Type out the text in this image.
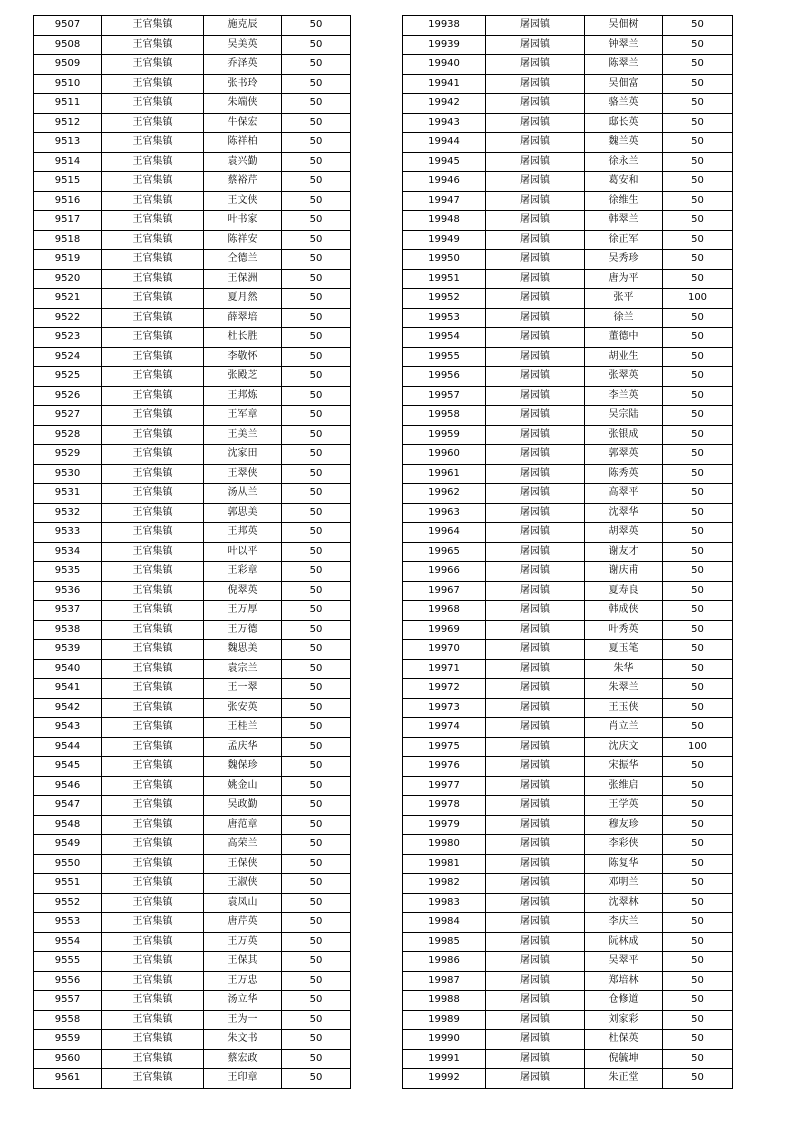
9507	王官集镇	施克辰	50
9508	王官集镇	吴美英	50
9509	王官集镇	乔泽英	50
9510	王官集镇	张书玲	50
9511	王官集镇	朱端侠	50
9512	王官集镇	牛保宏	50
9513	王官集镇	陈祥柏	50
9514	王官集镇	袁兴勤	50
9515	王官集镇	蔡裕芹	50
9516	王官集镇	王文侠	50
9517	王官集镇	叶书家	50
9518	王官集镇	陈祥安	50
9519	王官集镇	仝德兰	50
9520	王官集镇	王保洲	50
9521	王官集镇	夏月然	50
9522	王官集镇	薛翠培	50
9523	王官集镇	杜长胜	50
9524	王官集镇	李敬怀	50
9525	王官集镇	张殿芝	50
9526	王官集镇	王邦炼	50
9527	王官集镇	王军章	50
9528	王官集镇	王美兰	50
9529	王官集镇	沈家田	50
9530	王官集镇	王翠侠	50
9531	王官集镇	汤从兰	50
9532	王官集镇	郭思美	50
9533	王官集镇	王邦英	50
9534	王官集镇	叶以平	50
9535	王官集镇	王彩章	50
9536	王官集镇	倪翠英	50
9537	王官集镇	王万厚	50
9538	王官集镇	王万德	50
9539	王官集镇	魏思美	50
9540	王官集镇	袁宗兰	50
9541	王官集镇	王一翠	50
9542	王官集镇	张安英	50
9543	王官集镇	王桂兰	50
9544	王官集镇	孟庆华	50
9545	王官集镇	魏保珍	50
9546	王官集镇	姚金山	50
9547	王官集镇	吴政勤	50
9548	王官集镇	唐范章	50
9549	王官集镇	高荣兰	50
9550	王官集镇	王保侠	50
9551	王官集镇	王淑侠	50
9552	王官集镇	袁凤山	50
9553	王官集镇	唐芹英	50
9554	王官集镇	王万英	50
9555	王官集镇	王保其	50
9556	王官集镇	王万忠	50
9557	王官集镇	汤立华	50
9558	王官集镇	王为一	50
9559	王官集镇	朱文书	50
9560	王官集镇	蔡宏政	50
9561	王官集镇	王印章	50
19938	屠园镇	吴佃树	50
19939	屠园镇	钟翠兰	50
19940	屠园镇	陈翠兰	50
19941	屠园镇	吴佃富	50
19942	屠园镇	骆兰英	50
19943	屠园镇	邸长英	50
19944	屠园镇	魏兰英	50
19945	屠园镇	徐永兰	50
19946	屠园镇	葛安和	50
19947	屠园镇	徐维生	50
19948	屠园镇	韩翠兰	50
19949	屠园镇	徐正军	50
19950	屠园镇	吴秀珍	50
19951	屠园镇	唐为平	50
19952	屠园镇	张平	100
19953	屠园镇	徐兰	50
19954	屠园镇	董德中	50
19955	屠园镇	胡业生	50
19956	屠园镇	张翠英	50
19957	屠园镇	李兰英	50
19958	屠园镇	吴宗陆	50
19959	屠园镇	张银成	50
19960	屠园镇	郭翠英	50
19961	屠园镇	陈秀英	50
19962	屠园镇	高翠平	50
19963	屠园镇	沈翠华	50
19964	屠园镇	胡翠英	50
19965	屠园镇	谢友才	50
19966	屠园镇	谢庆甫	50
19967	屠园镇	夏寿良	50
19968	屠园镇	韩成侠	50
19969	屠园镇	叶秀英	50
19970	屠园镇	夏玉笔	50
19971	屠园镇	朱华	50
19972	屠园镇	朱翠兰	50
19973	屠园镇	王玉侠	50
19974	屠园镇	肖立兰	50
19975	屠园镇	沈庆文	100
19976	屠园镇	宋振华	50
19977	屠园镇	张维启	50
19978	屠园镇	王学英	50
19979	屠园镇	穆友珍	50
19980	屠园镇	李彩侠	50
19981	屠园镇	陈复华	50
19982	屠园镇	邓明兰	50
19983	屠园镇	沈翠林	50
19984	屠园镇	李庆兰	50
19985	屠园镇	阮林成	50
19986	屠园镇	吴翠平	50
19987	屠园镇	郑培林	50
19988	屠园镇	仓修道	50
19989	屠园镇	刘家彩	50
19990	屠园镇	杜保英	50
19991	屠园镇	倪毓坤	50
19992	屠园镇	朱正堂	50
